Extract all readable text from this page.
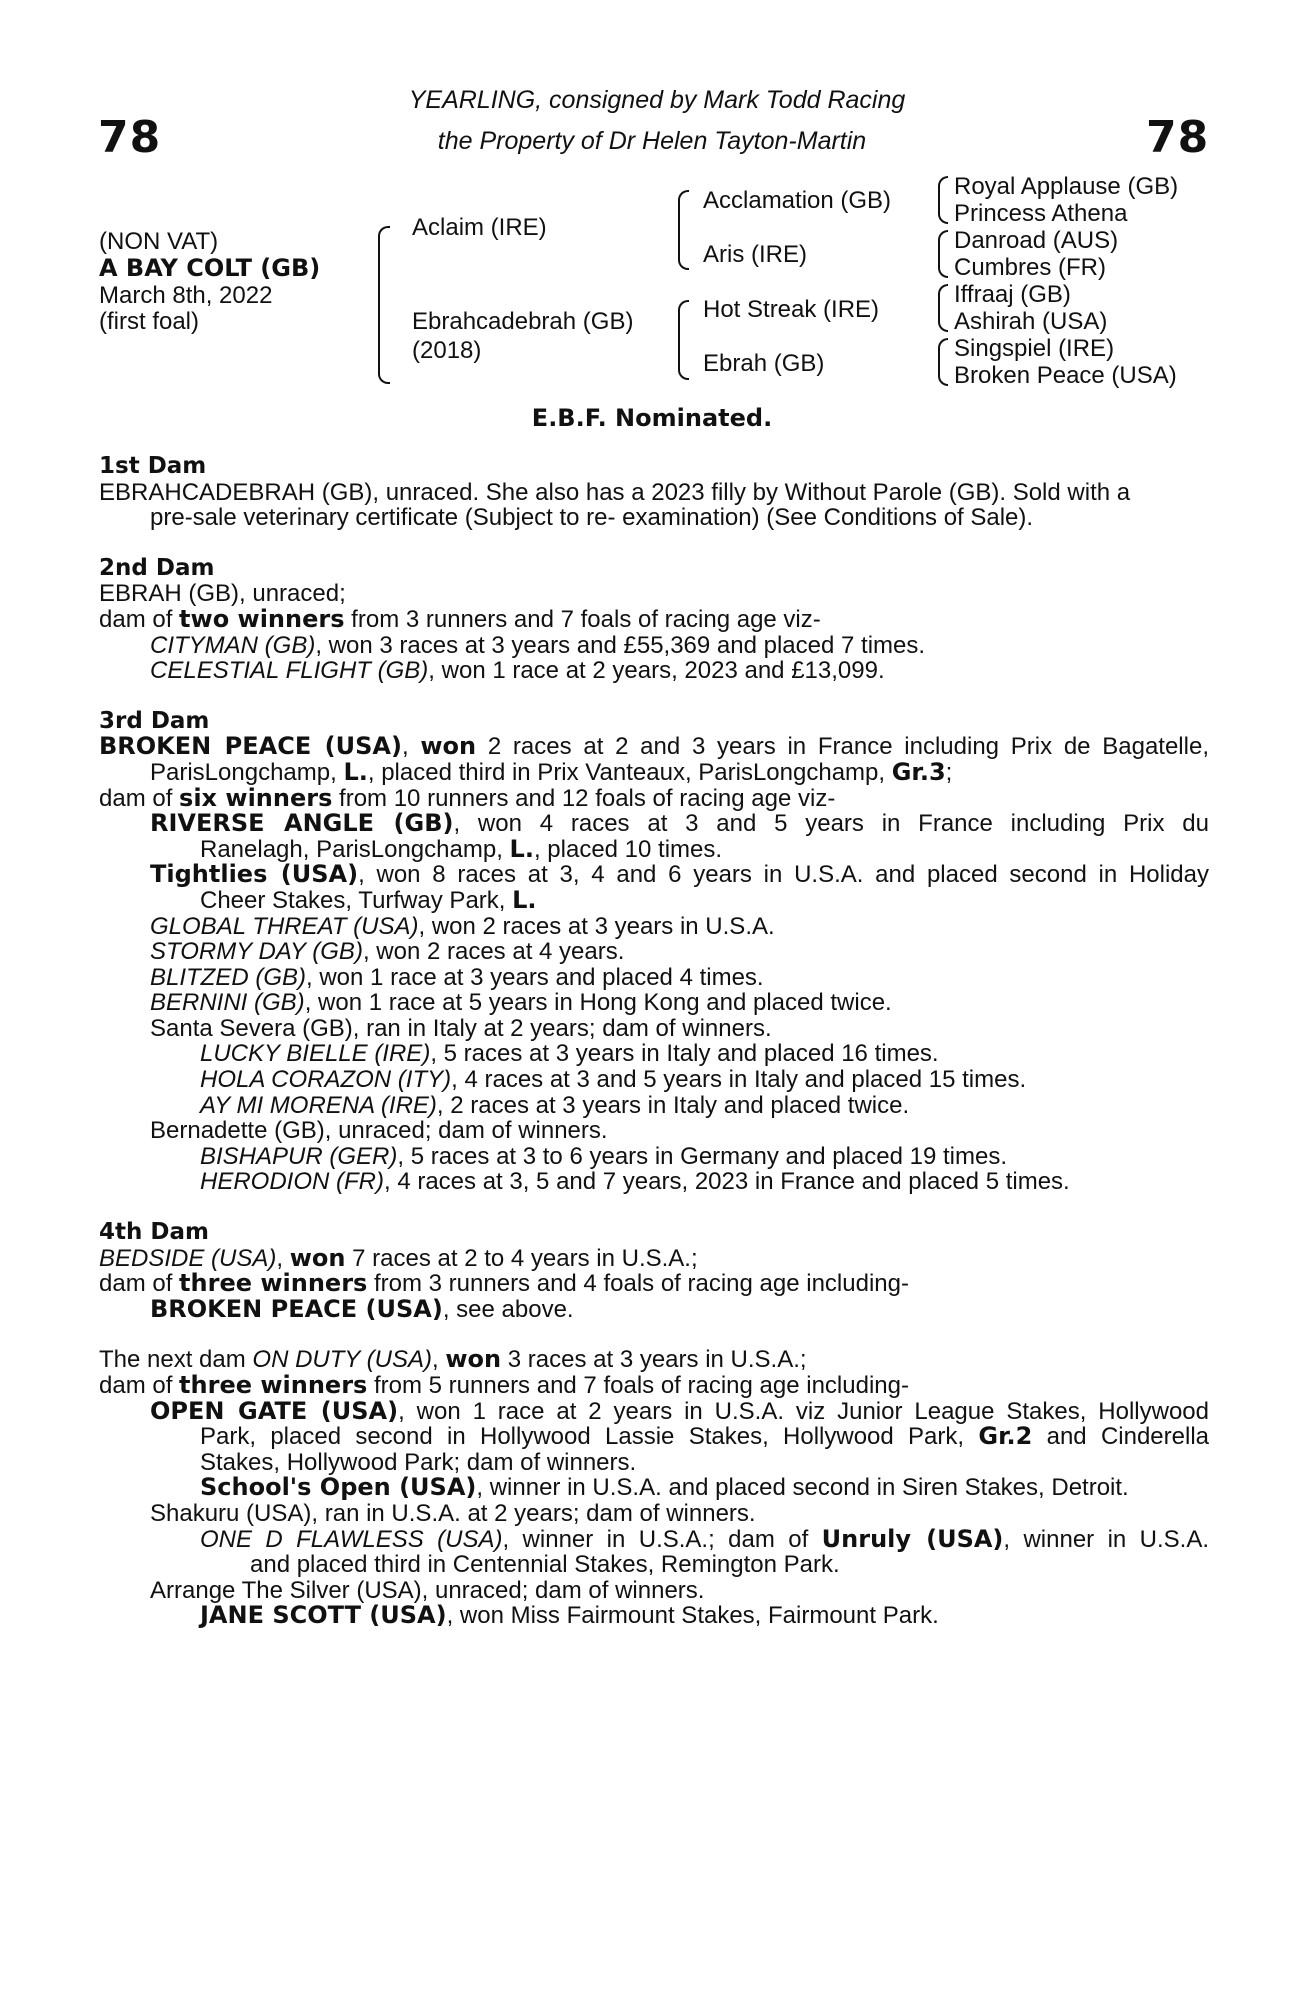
78	78
YEARLING, consigned by Mark Todd Racing
the Property of Dr Helen Tayton-Martin
(NON VAT)
A BAY COLT (GB)
March 8th, 2022
(first foal)
Aclaim (IRE)
Ebrahcadebrah (GB)
(2018)
Acclamation (GB)
Aris (IRE)
Hot Streak (IRE)
Ebrah (GB)
Royal Applause (GB)
Princess Athena
Danroad (AUS)
Cumbres (FR)
Iffraaj (GB)
Ashirah (USA)
Singspiel (IRE)
Broken Peace (USA)
E.B.F. Nominated.
1st Dam
EBRAHCADEBRAH (GB), unraced. She also has a 2023 filly by Without Parole (GB). Sold with a
pre-sale veterinary certificate (Subject to re- examination) (See Conditions of Sale).
2nd Dam
EBRAH (GB), unraced;
dam of two winners from 3 runners and 7 foals of racing age viz-
CITYMAN (GB), won 3 races at 3 years and £55,369 and placed 7 times.
CELESTIAL FLIGHT (GB), won 1 race at 2 years, 2023 and £13,099.
3rd Dam
BROKEN PEACE (USA), won 2 races at 2 and 3 years in France including Prix de Bagatelle,
ParisLongchamp, L., placed third in Prix Vanteaux, ParisLongchamp, Gr.3;
dam of six winners from 10 runners and 12 foals of racing age viz-
RIVERSE ANGLE (GB), won 4 races at 3 and 5 years in France including Prix du
Ranelagh, ParisLongchamp, L., placed 10 times.
Tightlies (USA), won 8 races at 3, 4 and 6 years in U.S.A. and placed second in Holiday
Cheer Stakes, Turfway Park, L.
GLOBAL THREAT (USA), won 2 races at 3 years in U.S.A.
STORMY DAY (GB), won 2 races at 4 years.
BLITZED (GB), won 1 race at 3 years and placed 4 times.
BERNINI (GB), won 1 race at 5 years in Hong Kong and placed twice.
Santa Severa (GB), ran in Italy at 2 years; dam of winners.
LUCKY BIELLE (IRE), 5 races at 3 years in Italy and placed 16 times.
HOLA CORAZON (ITY), 4 races at 3 and 5 years in Italy and placed 15 times.
AY MI MORENA (IRE), 2 races at 3 years in Italy and placed twice.
Bernadette (GB), unraced; dam of winners.
BISHAPUR (GER), 5 races at 3 to 6 years in Germany and placed 19 times.
HERODION (FR), 4 races at 3, 5 and 7 years, 2023 in France and placed 5 times.
4th Dam
BEDSIDE (USA), won 7 races at 2 to 4 years in U.S.A.;
dam of three winners from 3 runners and 4 foals of racing age including-
BROKEN PEACE (USA), see above.
The next dam ON DUTY (USA), won 3 races at 3 years in U.S.A.;
dam of three winners from 5 runners and 7 foals of racing age including-
OPEN GATE (USA), won 1 race at 2 years in U.S.A. viz Junior League Stakes, Hollywood
Park, placed second in Hollywood Lassie Stakes, Hollywood Park, Gr.2 and Cinderella
Stakes, Hollywood Park; dam of winners.
School's Open (USA), winner in U.S.A. and placed second in Siren Stakes, Detroit.
Shakuru (USA), ran in U.S.A. at 2 years; dam of winners.
ONE D FLAWLESS (USA), winner in U.S.A.; dam of Unruly (USA), winner in U.S.A.
and placed third in Centennial Stakes, Remington Park.
Arrange The Silver (USA), unraced; dam of winners.
JANE SCOTT (USA), won Miss Fairmount Stakes, Fairmount Park.
